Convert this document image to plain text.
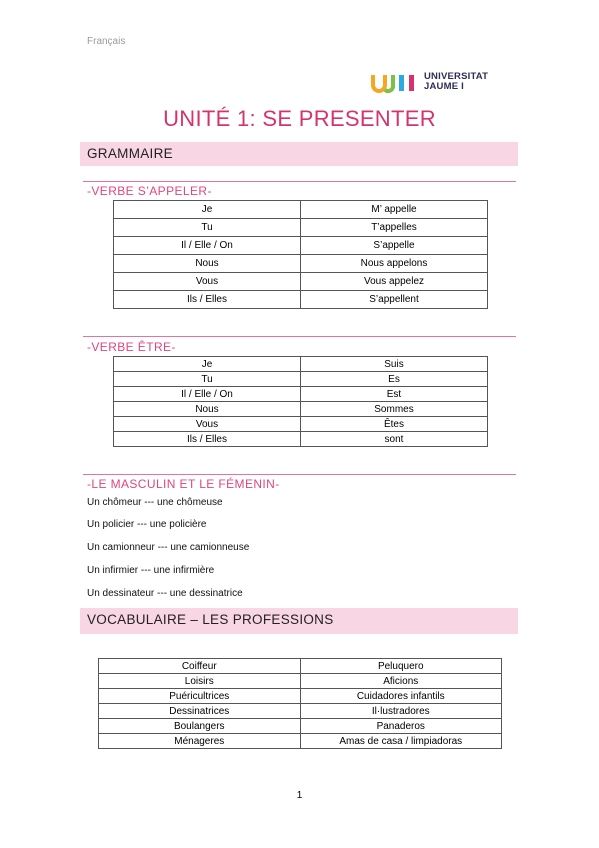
Français
UNIVERSITAT
JAUME I
UNITÉ 1: SE PRESENTER
GRAMMAIRE
-VERBE S’APPELER-
Je	M’ appelle
Tu	T’appelles
Il / Elle / On	S’appelle
Nous	Nous appelons
Vous	Vous appelez
Ils / Elles	S’appellent
-VERBE ÊTRE-
Je	Suis
Tu	Es
Il / Elle / On	Est
Nous	Sommes
Vous	Êtes
Ils / Elles	sont
-LE MASCULIN ET LE FÉMENIN-
Un chômeur --- une chômeuse
Un policier --- une policière
Un camionneur --- une camionneuse
Un infirmier --- une infirmière
Un dessinateur --- une dessinatrice
VOCABULAIRE – LES PROFESSIONS
Coiffeur	Peluquero
Loisirs	Aficions
Puéricultrices	Cuidadores infantils
Dessinatrices	Il·lustradores
Boulangers	Panaderos
Ménageres	Amas de casa / limpiadoras
1
